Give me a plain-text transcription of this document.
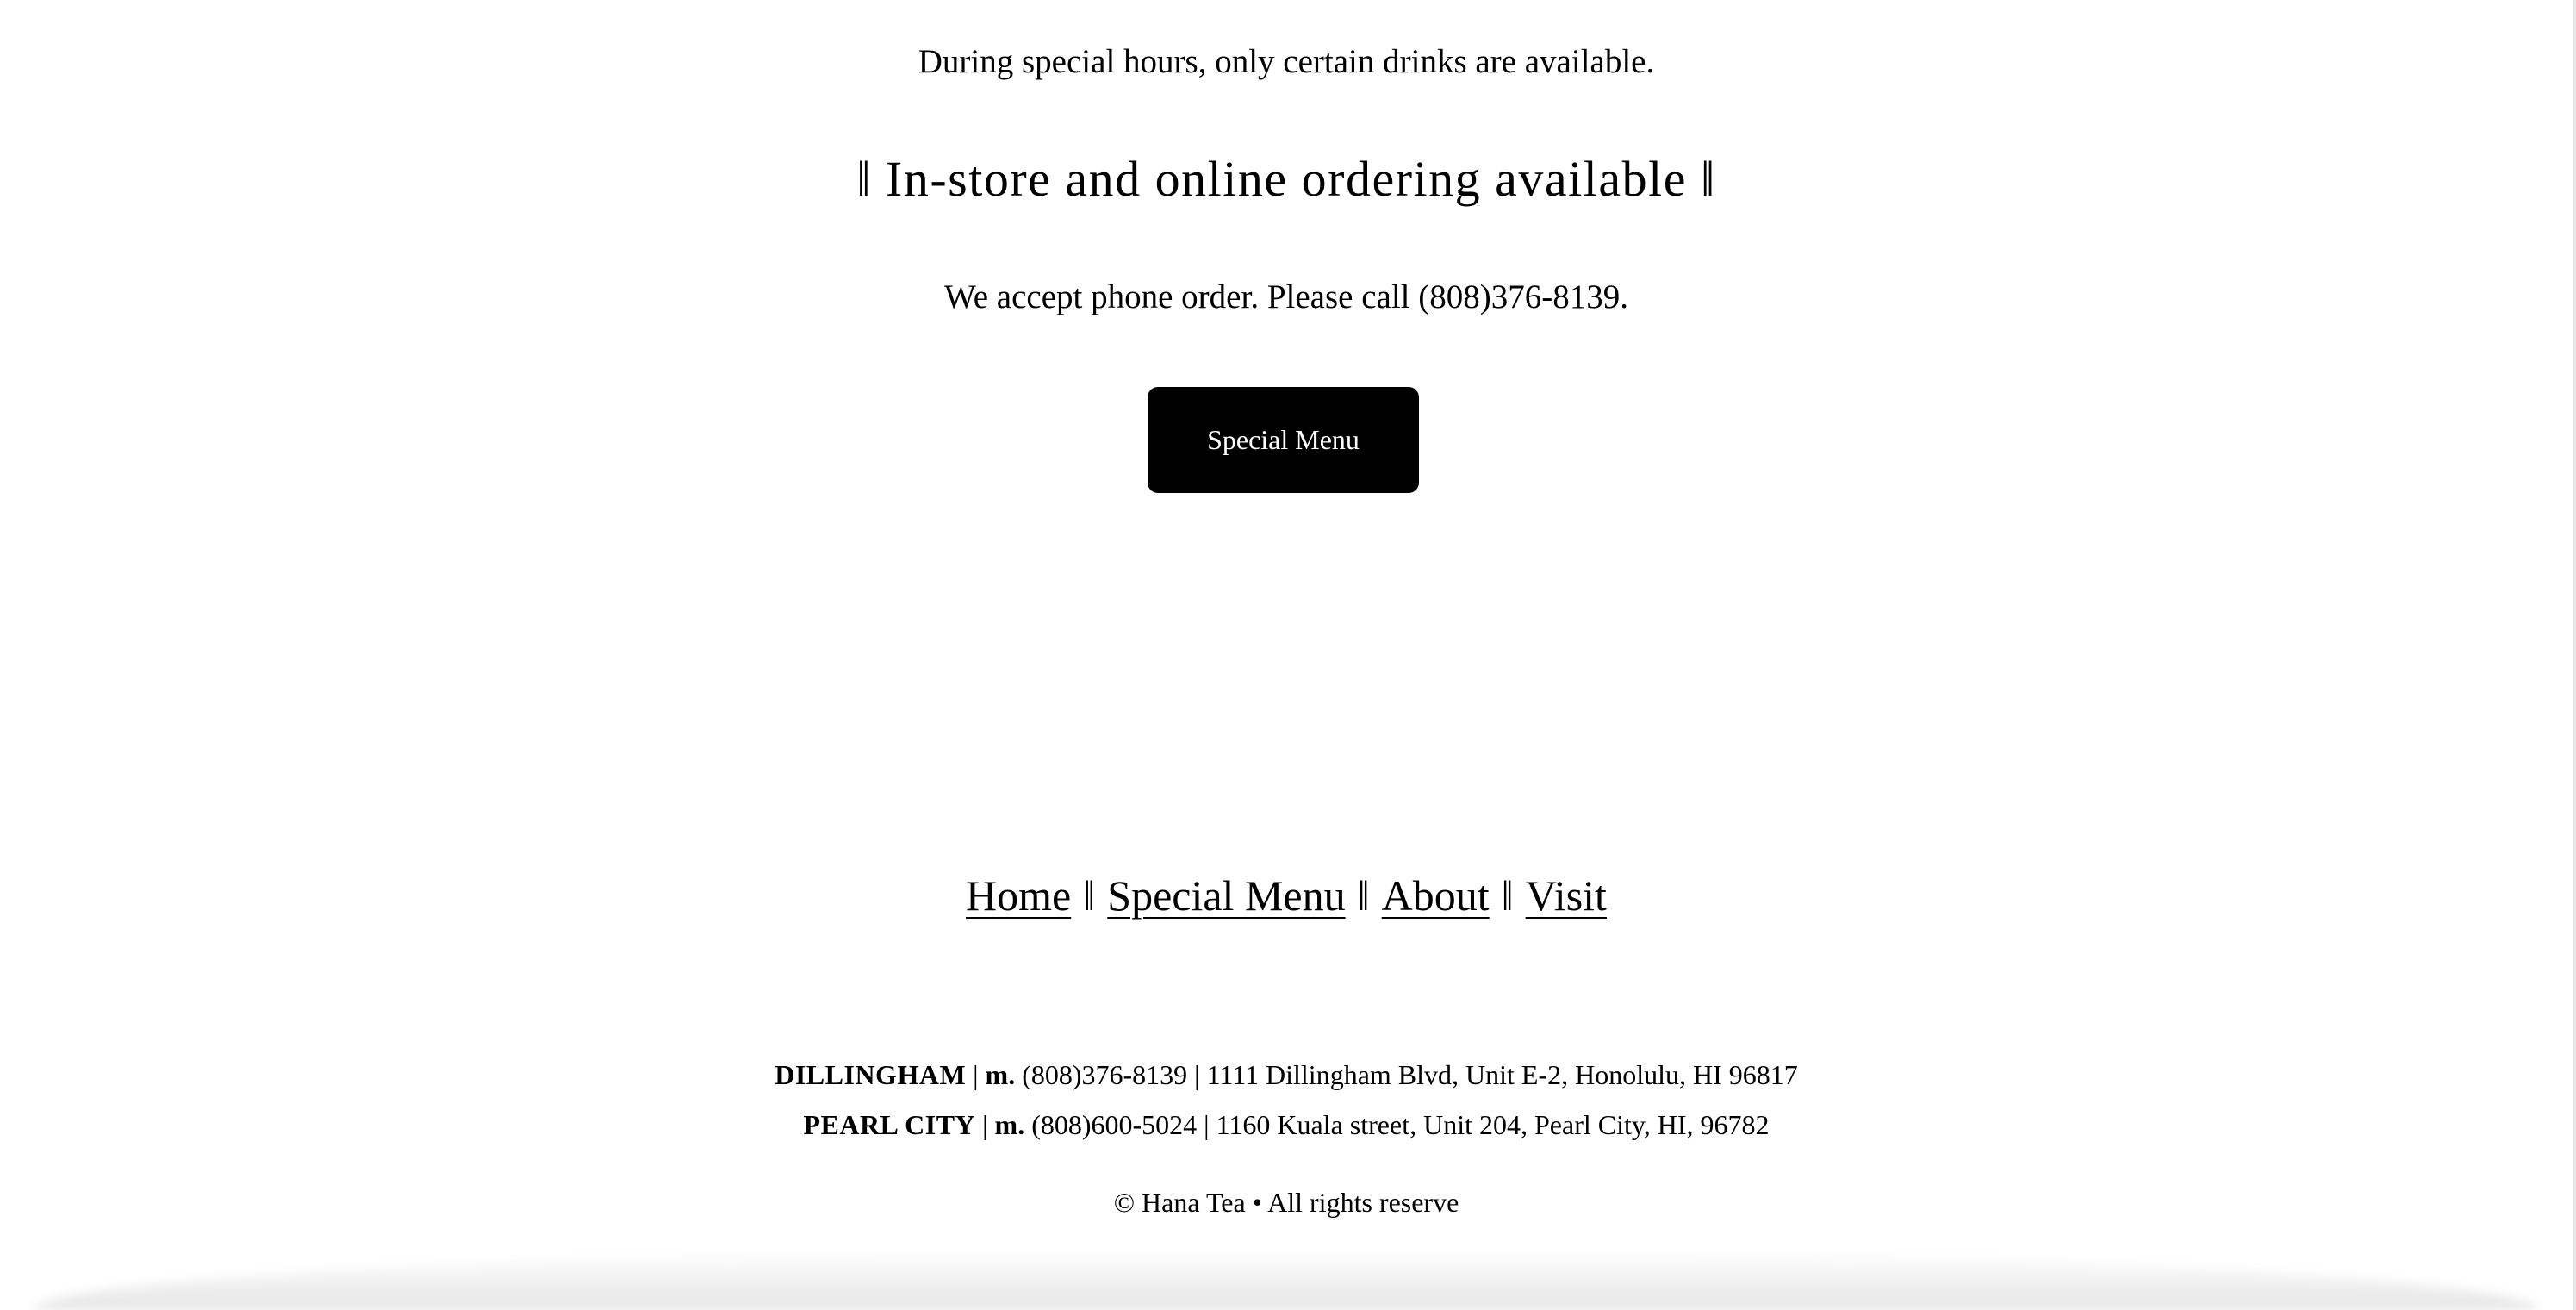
During special hours, only certain drinks are available.
ǁ In-store and online ordering available ǁ
We accept phone order. Please call (808)376-8139.
Special Menu
Home ǁ Special Menu ǁ About ǁ Visit
DILLINGHAM | m. (808)376-8139 | 1111 Dillingham Blvd, Unit E-2, Honolulu, HI 96817
PEARL CITY | m. (808)600-5024 | 1160 Kuala street, Unit 204, Pearl City, HI, 96782
© Hana Tea • All rights reserve
